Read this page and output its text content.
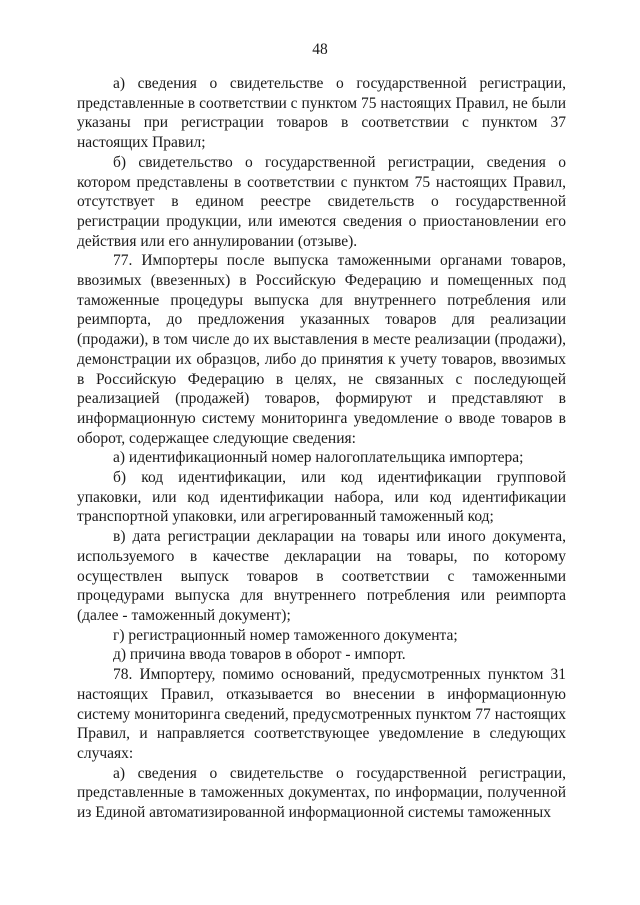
48

а) сведения о свидетельстве о государственной регистрации, представленные в соответствии с пунктом 75 настоящих Правил, не были указаны при регистрации товаров в соответствии с пунктом 37 настоящих Правил;

б) свидетельство о государственной регистрации, сведения о котором представлены в соответствии с пунктом 75 настоящих Правил, отсутствует в едином реестре свидетельств о государственной регистрации продукции, или имеются сведения о приостановлении его действия или его аннулировании (отзыве).

77. Импортеры после выпуска таможенными органами товаров, ввозимых (ввезенных) в Российскую Федерацию и помещенных под таможенные процедуры выпуска для внутреннего потребления или реимпорта, до предложения указанных товаров для реализации (продажи), в том числе до их выставления в месте реализации (продажи), демонстрации их образцов, либо до принятия к учету товаров, ввозимых в Российскую Федерацию в целях, не связанных с последующей реализацией (продажей) товаров, формируют и представляют в информационную систему мониторинга уведомление о вводе товаров в оборот, содержащее следующие сведения:

а) идентификационный номер налогоплательщика импортера;

б) код идентификации, или код идентификации групповой упаковки, или код идентификации набора, или код идентификации транспортной упаковки, или агрегированный таможенный код;

в) дата регистрации декларации на товары или иного документа, используемого в качестве декларации на товары, по которому осуществлен выпуск товаров в соответствии с таможенными процедурами выпуска для внутреннего потребления или реимпорта (далее - таможенный документ);

г) регистрационный номер таможенного документа;

д) причина ввода товаров в оборот - импорт.

78. Импортеру, помимо оснований, предусмотренных пунктом 31 настоящих Правил, отказывается во внесении в информационную систему мониторинга сведений, предусмотренных пунктом 77 настоящих Правил, и направляется соответствующее уведомление в следующих случаях:

а) сведения о свидетельстве о государственной регистрации, представленные в таможенных документах, по информации, полученной из Единой автоматизированной информационной системы таможенных
